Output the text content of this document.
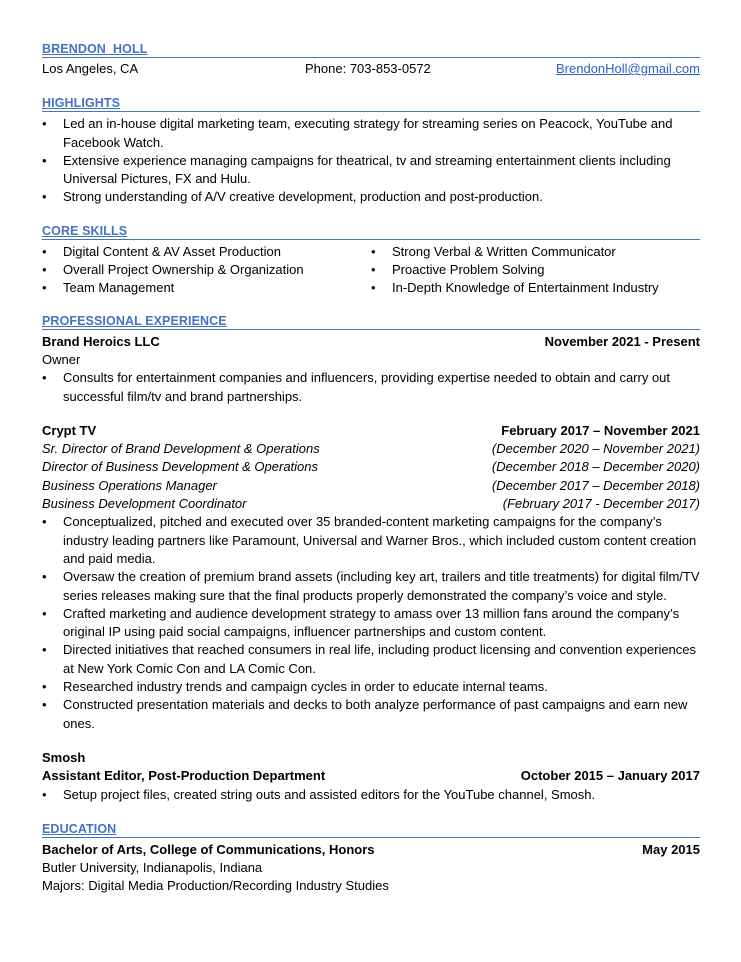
BRENDON  HOLL
Los Angeles, CA	Phone: 703-853-0572	BrendonHoll@gmail.com
HIGHLIGHTS
• Led an in-house digital marketing team, executing strategy for streaming series on Peacock, YouTube and Facebook Watch.
• Extensive experience managing campaigns for theatrical, tv and streaming entertainment clients including Universal Pictures, FX and Hulu.
• Strong understanding of A/V creative development, production and post-production.
CORE SKILLS
• Digital Content & AV Asset Production
• Overall Project Ownership & Organization
• Team Management
• Strong Verbal & Written Communicator
• Proactive Problem Solving
• In-Depth Knowledge of Entertainment Industry
PROFESSIONAL EXPERIENCE
Brand Heroics LLC	November 2021 - Present
Owner
• Consults for entertainment companies and influencers, providing expertise needed to obtain and carry out successful film/tv and brand partnerships.
Crypt TV	February 2017 – November 2021
Sr. Director of Brand Development & Operations	(December 2020 – November 2021)
Director of Business Development & Operations	(December 2018 – December 2020)
Business Operations Manager	(December 2017 – December 2018)
Business Development Coordinator	(February 2017 - December 2017)
• Conceptualized, pitched and executed over 35 branded-content marketing campaigns for the company’s industry leading partners like Paramount, Universal and Warner Bros., which included custom content creation and paid media.
• Oversaw the creation of premium brand assets (including key art, trailers and title treatments) for digital film/TV series releases making sure that the final products properly demonstrated the company’s voice and style.
• Crafted marketing and audience development strategy to amass over 13 million fans around the company’s original IP using paid social campaigns, influencer partnerships and custom content.
• Directed initiatives that reached consumers in real life, including product licensing and convention experiences at New York Comic Con and LA Comic Con.
• Researched industry trends and campaign cycles in order to educate internal teams.
• Constructed presentation materials and decks to both analyze performance of past campaigns and earn new ones.
Smosh
Assistant Editor, Post-Production Department	October 2015 – January 2017
• Setup project files, created string outs and assisted editors for the YouTube channel, Smosh.
EDUCATION
Bachelor of Arts, College of Communications, Honors	May 2015
Butler University, Indianapolis, Indiana
Majors: Digital Media Production/Recording Industry Studies
